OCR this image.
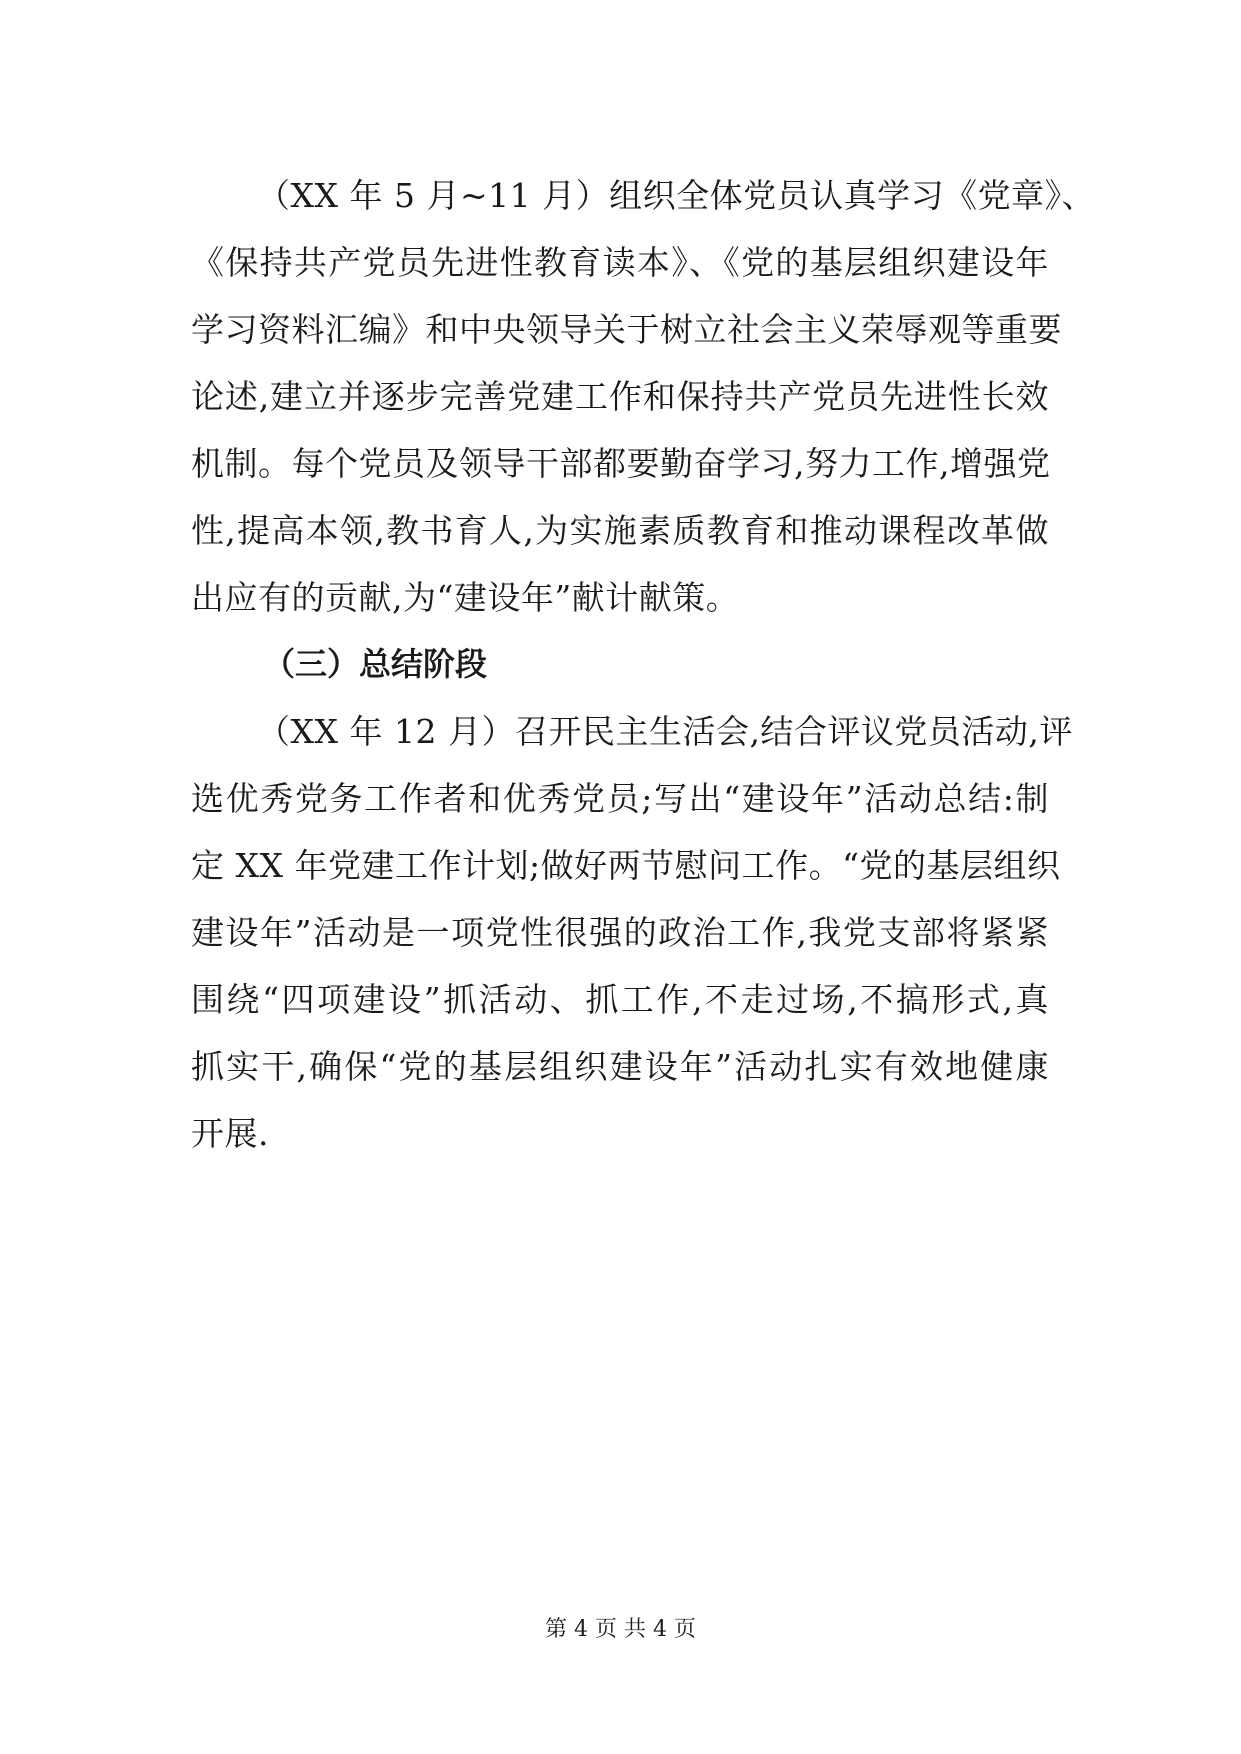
（XX 年 5 月~11 月）组织全体党员认真学习《党章》、
《保持共产党员先进性教育读本》、《党的基层组织建设年
学习资料汇编》和中央领导关于树立社会主义荣辱观等重要
论述,建立并逐步完善党建工作和保持共产党员先进性长效
机制。每个党员及领导干部都要勤奋学习,努力工作,增强党
性,提高本领,教书育人,为实施素质教育和推动课程改革做
出应有的贡献,为“建设年”献计献策。
（三）总结阶段
（XX 年 12 月）召开民主生活会,结合评议党员活动,评
选优秀党务工作者和优秀党员;写出“建设年”活动总结:制
定 XX 年党建工作计划;做好两节慰问工作。“党的基层组织
建设年”活动是一项党性很强的政治工作,我党支部将紧紧
围绕“四项建设”抓活动、抓工作,不走过场,不搞形式,真
抓实干,确保“党的基层组织建设年”活动扎实有效地健康
开展.
第 4 页 共 4 页
